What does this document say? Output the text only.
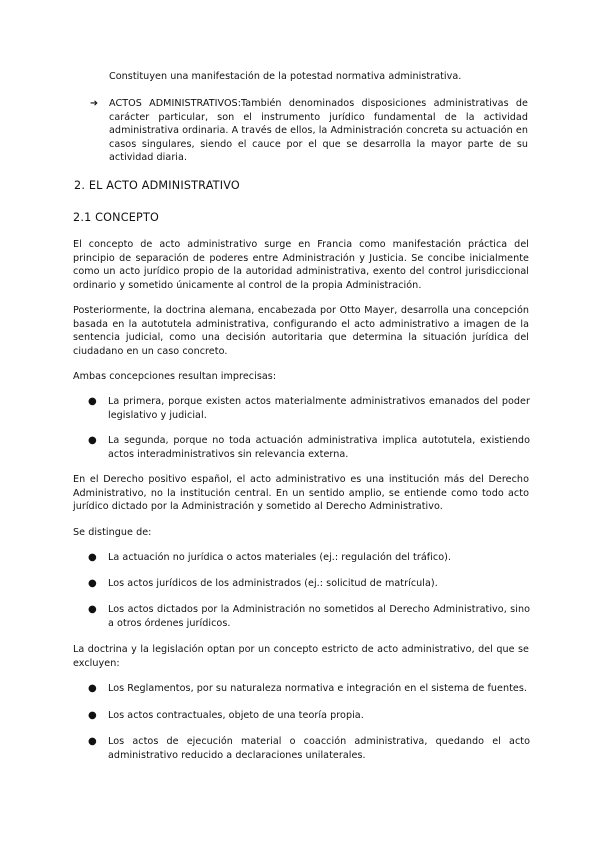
Constituyen una manifestación de la potestad normativa administrativa.
➔ ACTOS ADMINISTRATIVOS:También denominados disposiciones administrativas de carácter particular, son el instrumento jurídico fundamental de la actividad administrativa ordinaria. A través de ellos, la Administración concreta su actuación en casos singulares, siendo el cauce por el que se desarrolla la mayor parte de su actividad diaria.
2. EL ACTO ADMINISTRATIVO
2.1 CONCEPTO
El concepto de acto administrativo surge en Francia como manifestación práctica del principio de separación de poderes entre Administración y Justicia. Se concibe inicialmente como un acto jurídico propio de la autoridad administrativa, exento del control jurisdiccional ordinario y sometido únicamente al control de la propia Administración.
Posteriormente, la doctrina alemana, encabezada por Otto Mayer, desarrolla una concepción basada en la autotutela administrativa, configurando el acto administrativo a imagen de la sentencia judicial, como una decisión autoritaria que determina la situación jurídica del ciudadano en un caso concreto.
Ambas concepciones resultan imprecisas:
● La primera, porque existen actos materialmente administrativos emanados del poder legislativo y judicial.
● La segunda, porque no toda actuación administrativa implica autotutela, existiendo actos interadministrativos sin relevancia externa.
En el Derecho positivo español, el acto administrativo es una institución más del Derecho Administrativo, no la institución central. En un sentido amplio, se entiende como todo acto jurídico dictado por la Administración y sometido al Derecho Administrativo.
Se distingue de:
● La actuación no jurídica o actos materiales (ej.: regulación del tráfico).
● Los actos jurídicos de los administrados (ej.: solicitud de matrícula).
● Los actos dictados por la Administración no sometidos al Derecho Administrativo, sino a otros órdenes jurídicos.
La doctrina y la legislación optan por un concepto estricto de acto administrativo, del que se excluyen:
● Los Reglamentos, por su naturaleza normativa e integración en el sistema de fuentes.
● Los actos contractuales, objeto de una teoría propia.
● Los actos de ejecución material o coacción administrativa, quedando el acto administrativo reducido a declaraciones unilaterales.
